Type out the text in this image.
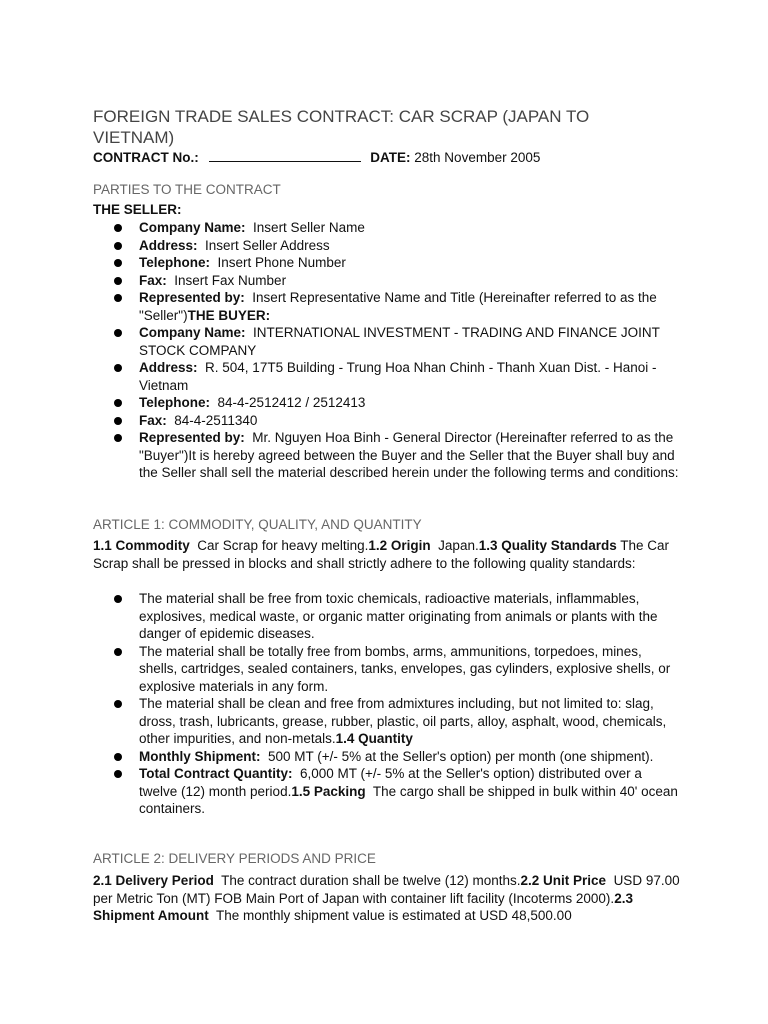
FOREIGN TRADE SALES CONTRACT: CAR SCRAP (JAPAN TO VIETNAM)
CONTRACT No.:	DATE: 28th November 2005
PARTIES TO THE CONTRACT

THE SELLER:

Company Name: Insert Seller Name
Address: Insert Seller Address
Telephone: Insert Phone Number
Fax: Insert Fax Number
Represented by: Insert Representative Name and Title (Hereinafter referred to as the "Seller")THE BUYER:
Company Name: INTERNATIONAL INVESTMENT - TRADING AND FINANCE JOINT STOCK COMPANY
Address: R. 504, 17T5 Building - Trung Hoa Nhan Chinh - Thanh Xuan Dist. - Hanoi - Vietnam
Telephone: 84-4-2512412 / 2512413
Fax: 84-4-2511340
Represented by: Mr. Nguyen Hoa Binh - General Director (Hereinafter referred to as the "Buyer")It is hereby agreed between the Buyer and the Seller that the Buyer shall buy and the Seller shall sell the material described herein under the following terms and conditions:
ARTICLE 1: COMMODITY, QUALITY, AND QUANTITY

1.1 Commodity Car Scrap for heavy melting.1.2 Origin Japan.1.3 Quality Standards The Car Scrap shall be pressed in blocks and shall strictly adhere to the following quality standards:

The material shall be free from toxic chemicals, radioactive materials, inflammables, explosives, medical waste, or organic matter originating from animals or plants with the danger of epidemic diseases.
The material shall be totally free from bombs, arms, ammunitions, torpedoes, mines, shells, cartridges, sealed containers, tanks, envelopes, gas cylinders, explosive shells, or explosive materials in any form.
The material shall be clean and free from admixtures including, but not limited to: slag, dross, trash, lubricants, grease, rubber, plastic, oil parts, alloy, asphalt, wood, chemicals, other impurities, and non-metals.1.4 Quantity
Monthly Shipment: 500 MT (+/- 5% at the Seller's option) per month (one shipment).
Total Contract Quantity: 6,000 MT (+/- 5% at the Seller's option) distributed over a twelve (12) month period.1.5 Packing The cargo shall be shipped in bulk within 40' ocean containers.
ARTICLE 2: DELIVERY PERIODS AND PRICE

2.1 Delivery Period The contract duration shall be twelve (12) months.2.2 Unit Price USD 97.00 per Metric Ton (MT) FOB Main Port of Japan with container lift facility (Incoterms 2000).2.3 Shipment Amount The monthly shipment value is estimated at USD 48,500.00
